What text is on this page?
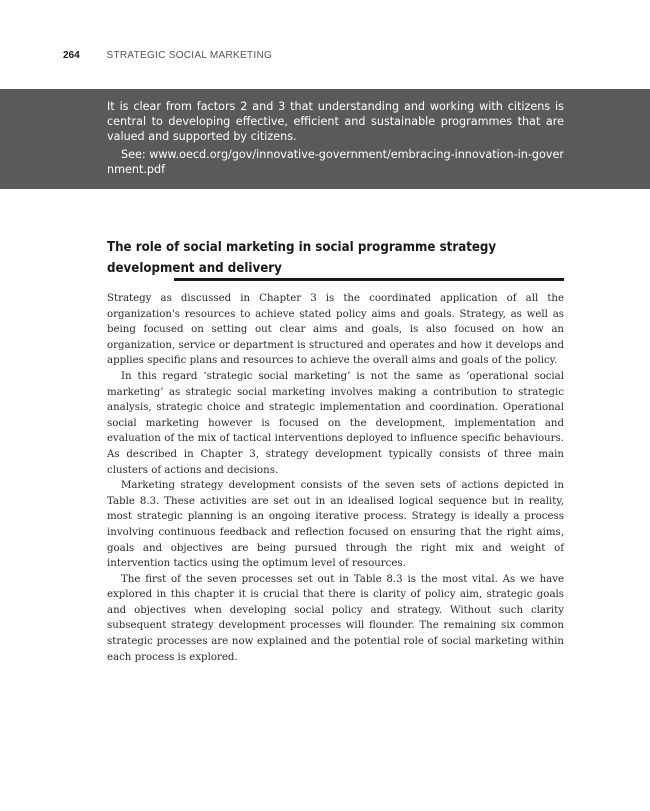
264	STRATEGIC SOCIAL MARKETING

It is clear from factors 2 and 3 that understanding and working with citizens is central to developing effective, efficient and sustainable programmes that are valued and supported by citizens.

See: www.oecd.org/gov/innovative-government/embracing-innovation-in-government.pdf

The role of social marketing in social programme strategy development and delivery

Strategy as discussed in Chapter 3 is the coordinated application of all the organization's resources to achieve stated policy aims and goals. Strategy, as well as being focused on setting out clear aims and goals, is also focused on how an organization, service or department is structured and operates and how it develops and applies specific plans and resources to achieve the overall aims and goals of the policy.

In this regard ‘strategic social marketing’ is not the same as ‘operational social marketing’ as strategic social marketing involves making a contribution to strategic analysis, strategic choice and strategic implementation and coordination. Operational social marketing however is focused on the development, implementation and evaluation of the mix of tactical interventions deployed to influence specific behaviours. As described in Chapter 3, strategy development typically consists of three main clusters of actions and decisions.

Marketing strategy development consists of the seven sets of actions depicted in Table 8.3. These activities are set out in an idealised logical sequence but in reality, most strategic planning is an ongoing iterative process. Strategy is ideally a process involving continuous feedback and reflection focused on ensuring that the right aims, goals and objectives are being pursued through the right mix and weight of intervention tactics using the optimum level of resources.

The first of the seven processes set out in Table 8.3 is the most vital. As we have explored in this chapter it is crucial that there is clarity of policy aim, strategic goals and objectives when developing social policy and strategy. Without such clarity subsequent strategy development processes will flounder. The remaining six common strategic processes are now explained and the potential role of social marketing within each process is explored.
